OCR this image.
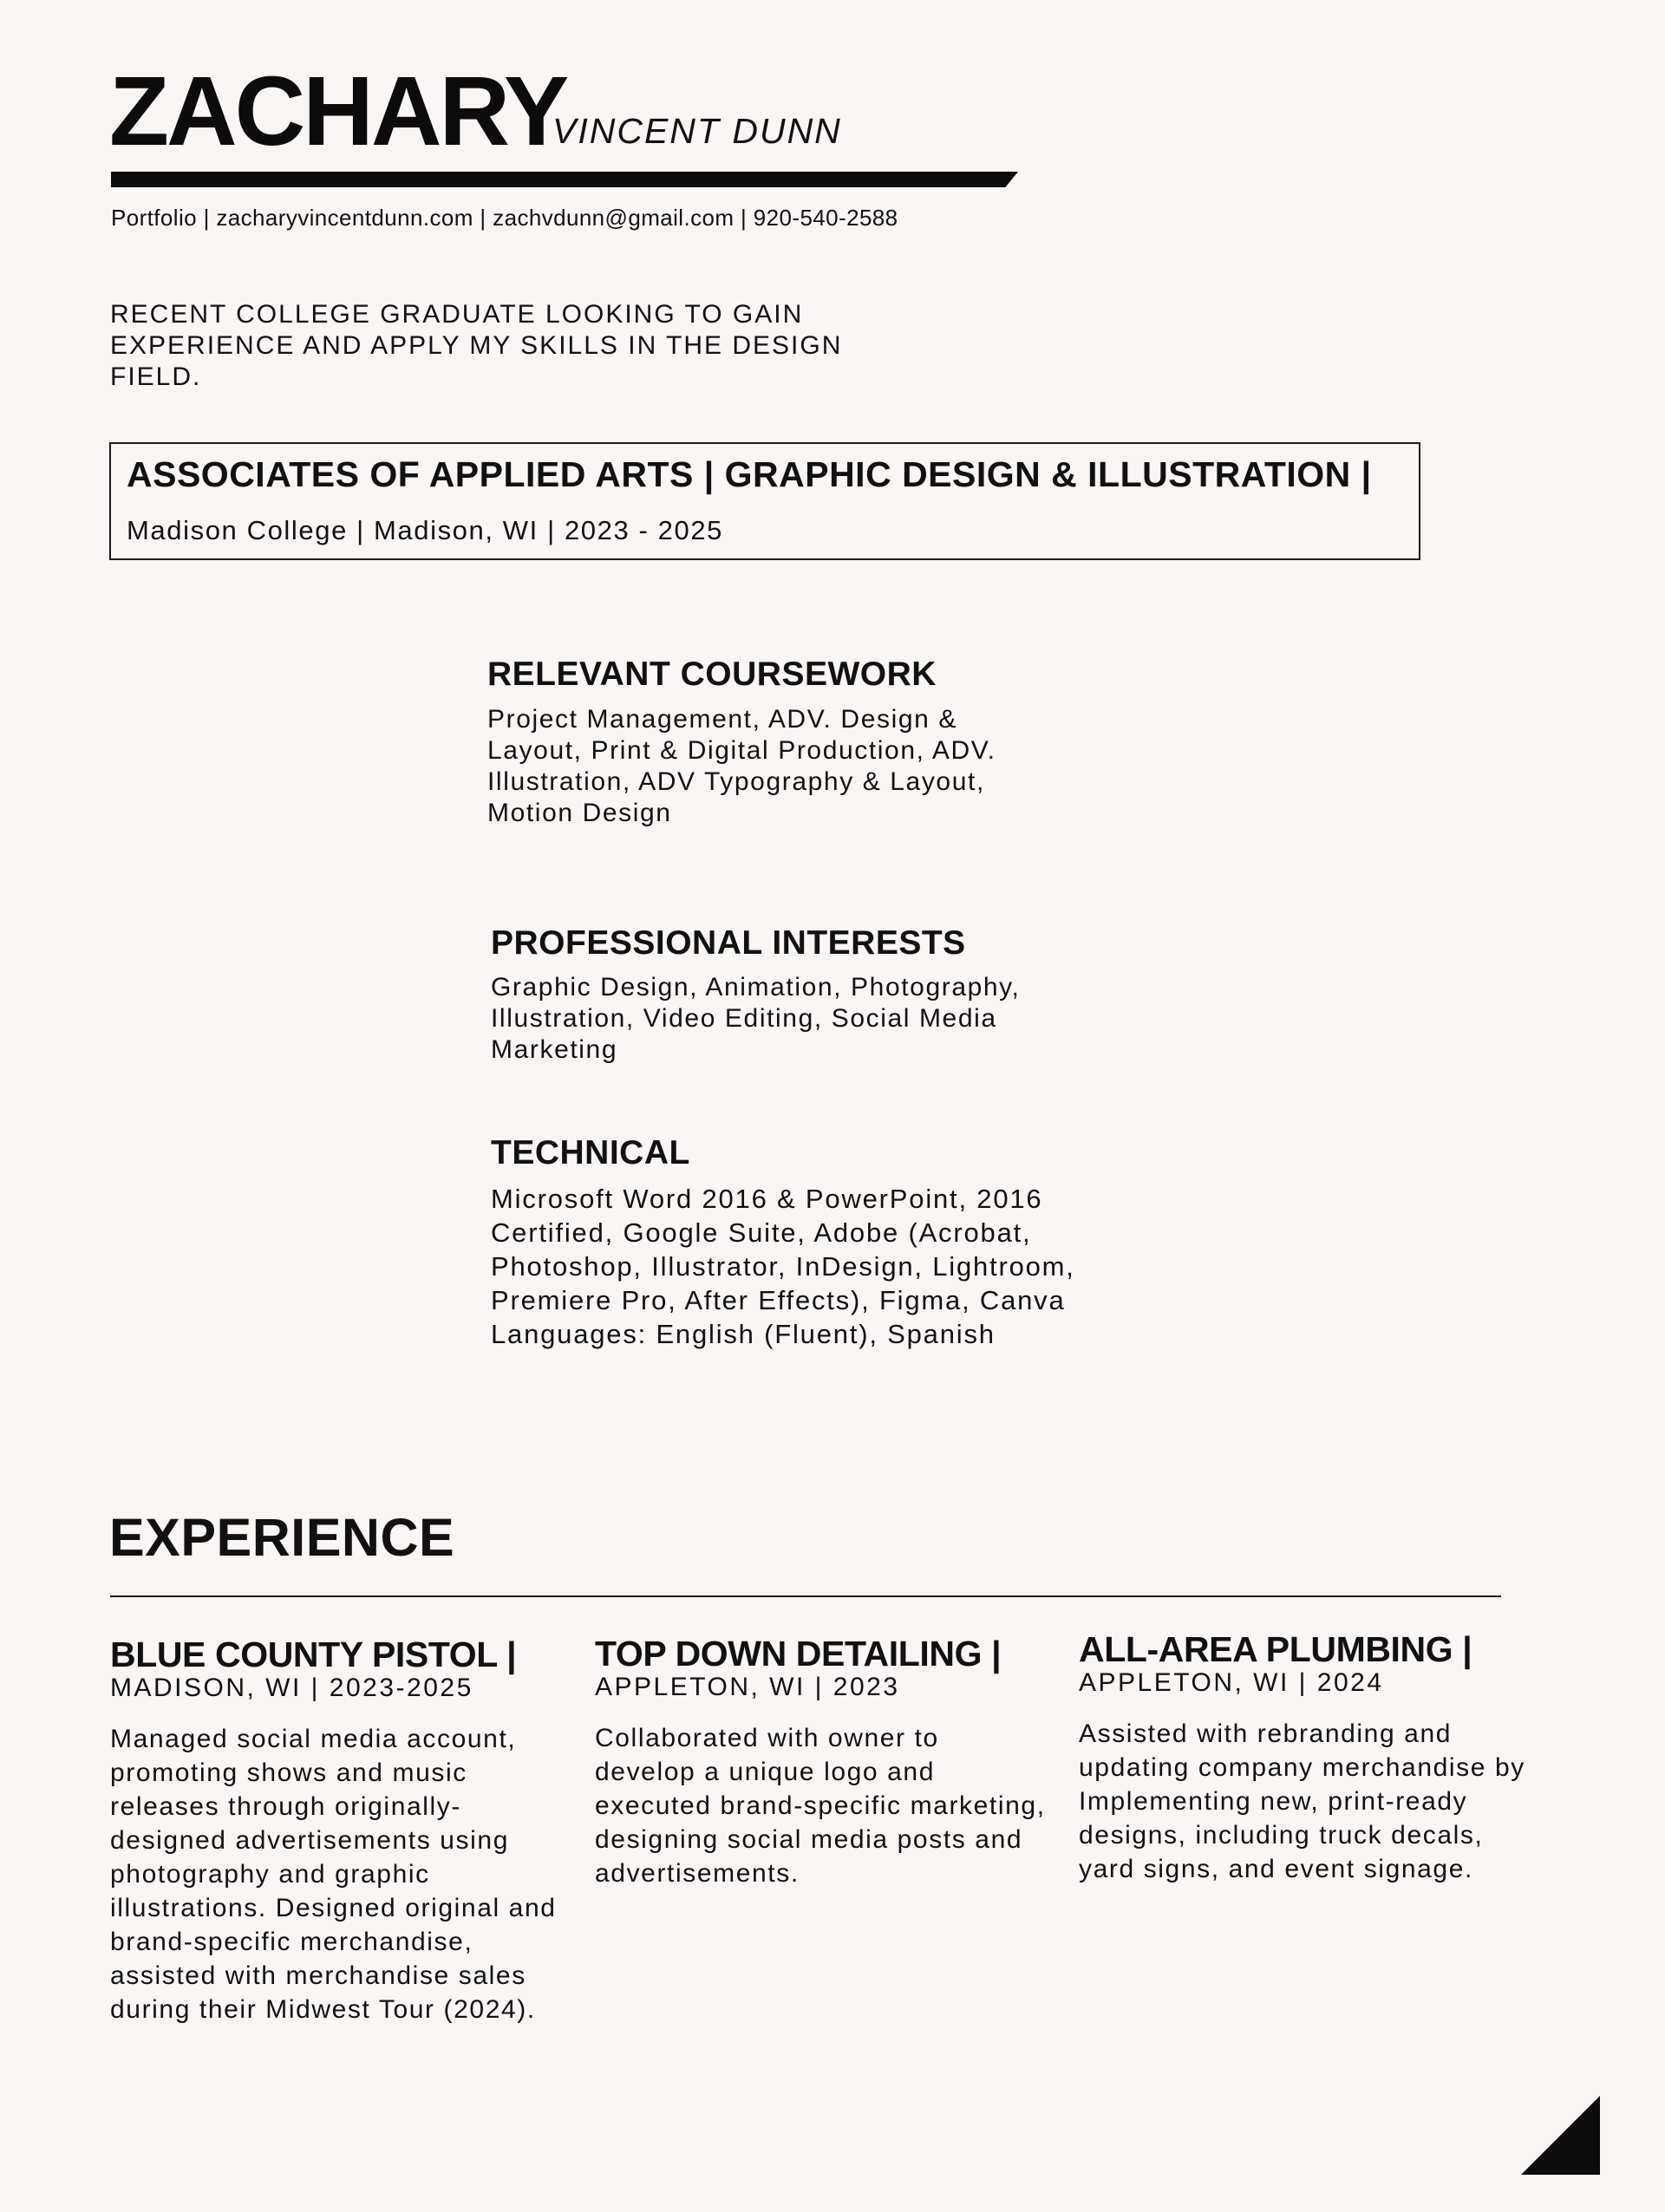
ZACHARY
VINCENT DUNN
Portfolio | zacharyvincentdunn.com | zachvdunn@gmail.com | 920-540-2588
RECENT COLLEGE GRADUATE LOOKING TO GAIN EXPERIENCE AND APPLY MY SKILLS IN THE DESIGN FIELD.
ASSOCIATES OF APPLIED ARTS | GRAPHIC DESIGN & ILLUSTRATION |
Madison College | Madison, WI | 2023 - 2025
RELEVANT COURSEWORK
Project Management, ADV. Design & Layout, Print & Digital Production, ADV. Illustration, ADV Typography & Layout, Motion Design
PROFESSIONAL INTERESTS
Graphic Design, Animation, Photography, Illustration, Video Editing, Social Media Marketing
TECHNICAL
Microsoft Word 2016 & PowerPoint, 2016 Certified, Google Suite, Adobe (Acrobat, Photoshop, Illustrator, InDesign, Lightroom, Premiere Pro, After Effects), Figma, Canva Languages: English (Fluent), Spanish
EXPERIENCE
BLUE COUNTY PISTOL |
MADISON, WI | 2023-2025
Managed social media account, promoting shows and music releases through originally-designed advertisements using photography and graphic illustrations. Designed original and brand-specific merchandise, assisted with merchandise sales during their Midwest Tour (2024).
TOP DOWN DETAILING |
APPLETON, WI | 2023
Collaborated with owner to develop a unique logo and executed brand-specific marketing, designing social media posts and advertisements.
ALL-AREA PLUMBING |
APPLETON, WI | 2024
Assisted with rebranding and updating company merchandise by Implementing new, print-ready designs, including truck decals, yard signs, and event signage.
